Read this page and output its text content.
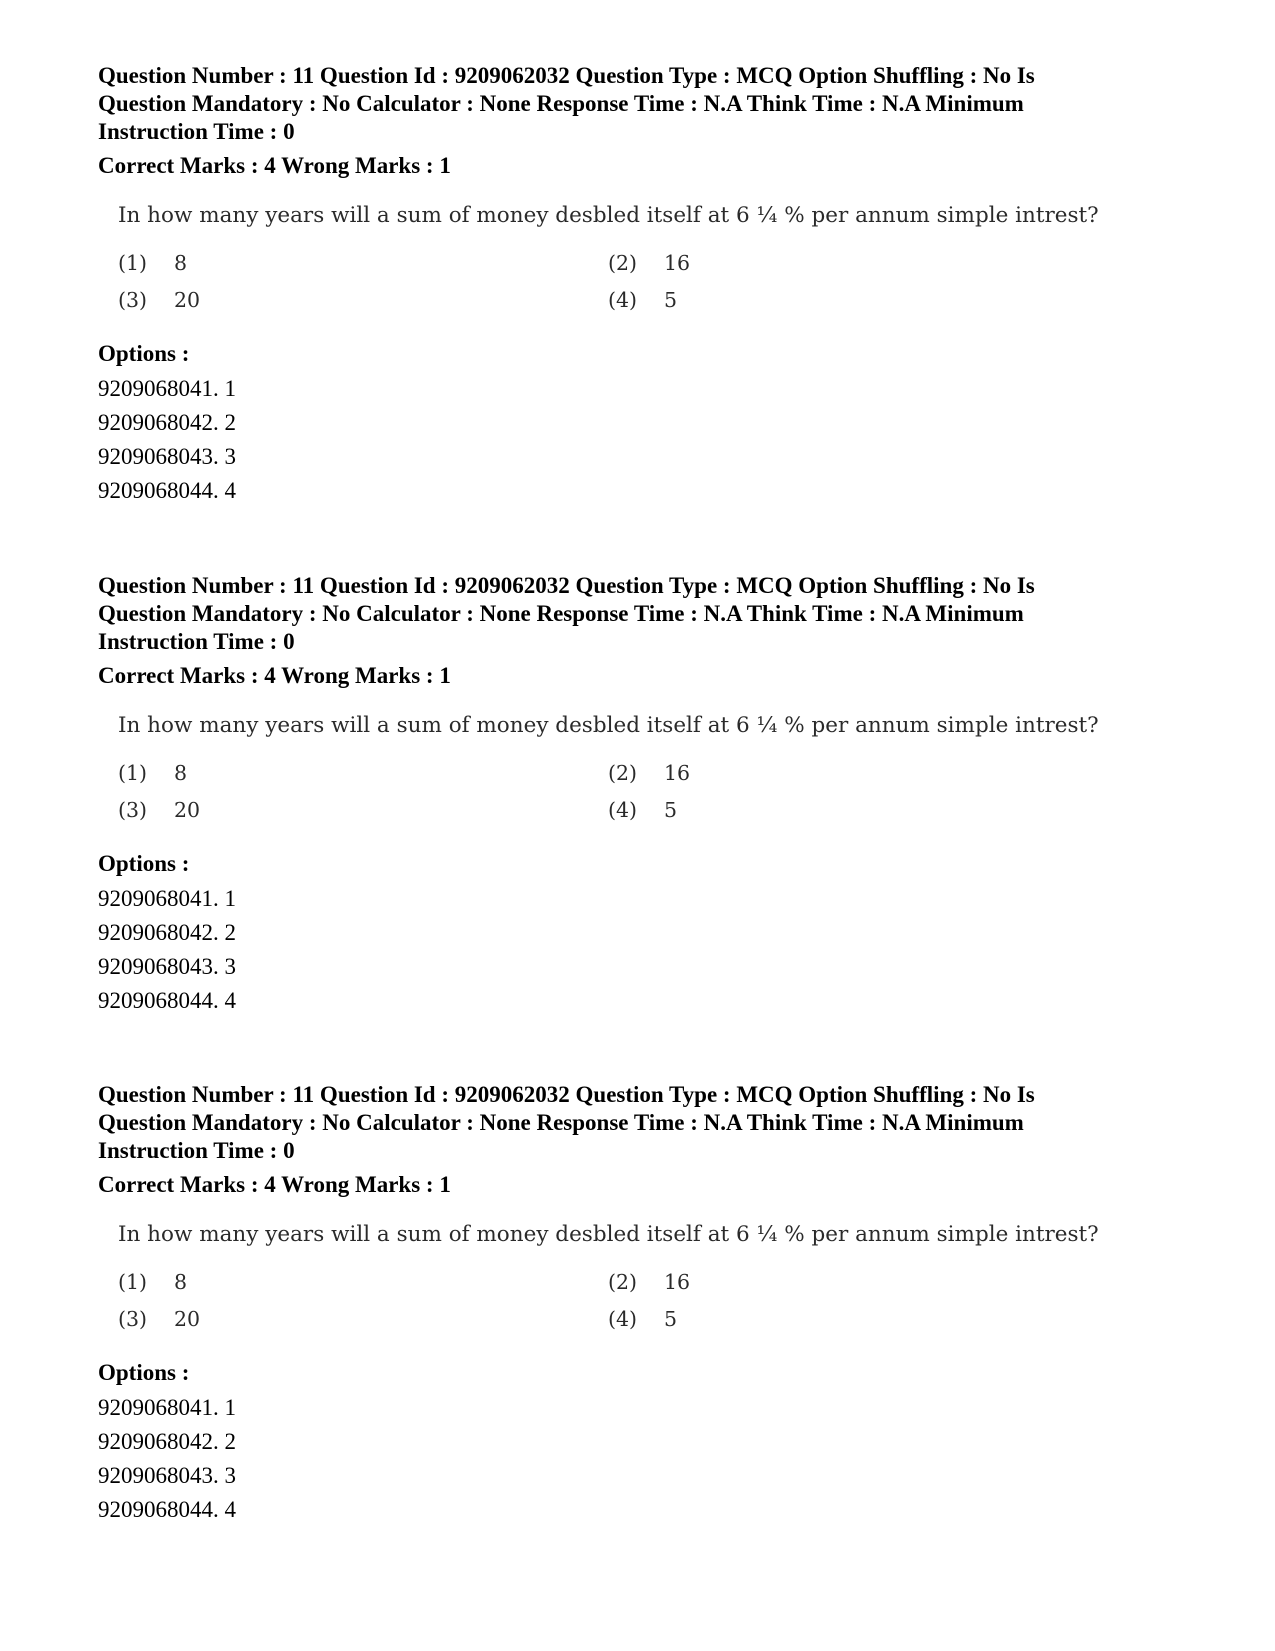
Question Number : 11 Question Id : 9209062032 Question Type : MCQ Option Shuffling : No Is
Question Mandatory : No Calculator : None Response Time : N.A Think Time : N.A Minimum
Instruction Time : 0

Correct Marks : 4 Wrong Marks : 1

In how many years will a sum of money desbled itself at 6 ¼ % per annum simple intrest?
(1) 8	(2) 16
(3) 20	(4) 5

Options :

9209068041. 1
9209068042. 2
9209068043. 3
9209068044. 4

Question Number : 11 Question Id : 9209062032 Question Type : MCQ Option Shuffling : No Is
Question Mandatory : No Calculator : None Response Time : N.A Think Time : N.A Minimum
Instruction Time : 0

Correct Marks : 4 Wrong Marks : 1

In how many years will a sum of money desbled itself at 6 ¼ % per annum simple intrest?
(1) 8	(2) 16
(3) 20	(4) 5

Options :

9209068041. 1
9209068042. 2
9209068043. 3
9209068044. 4

Question Number : 11 Question Id : 9209062032 Question Type : MCQ Option Shuffling : No Is
Question Mandatory : No Calculator : None Response Time : N.A Think Time : N.A Minimum
Instruction Time : 0

Correct Marks : 4 Wrong Marks : 1

In how many years will a sum of money desbled itself at 6 ¼ % per annum simple intrest?
(1) 8	(2) 16
(3) 20	(4) 5

Options :

9209068041. 1
9209068042. 2
9209068043. 3
9209068044. 4
